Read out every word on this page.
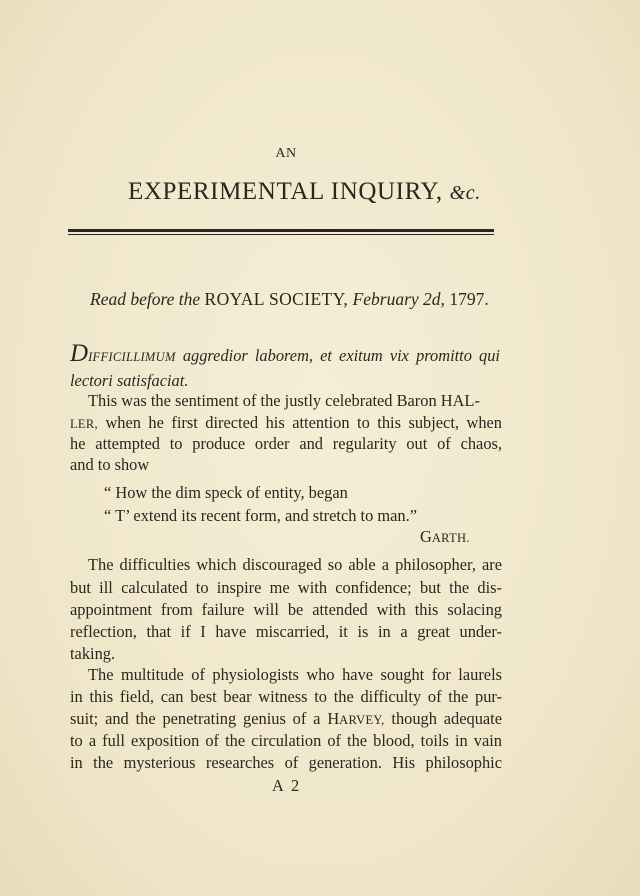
AN
EXPERIMENTAL INQUIRY, &c.
Read before the ROYAL SOCIETY, February 2d, 1797.
DIFFICILLIMUM aggredior laborem, et exitum vix promitto qui
lectori satisfaciat.
This was the sentiment of the justly celebrated Baron HAL-
LER, when he first directed his attention to this subject, when
he attempted to produce order and regularity out of chaos,
and to show
“ How the dim speck of entity, began
“ T’ extend its recent form, and stretch to man.”
GARTH.
The difficulties which discouraged so able a philosopher, are
but ill calculated to inspire me with confidence; but the dis-
appointment from failure will be attended with this solacing
reflection, that if I have miscarried, it is in a great under-
taking.
The multitude of physiologists who have sought for laurels
in this field, can best bear witness to the difficulty of the pur-
suit; and the penetrating genius of a HARVEY, though adequate
to a full exposition of the circulation of the blood, toils in vain
in the mysterious researches of generation. His philosophic
A 2
